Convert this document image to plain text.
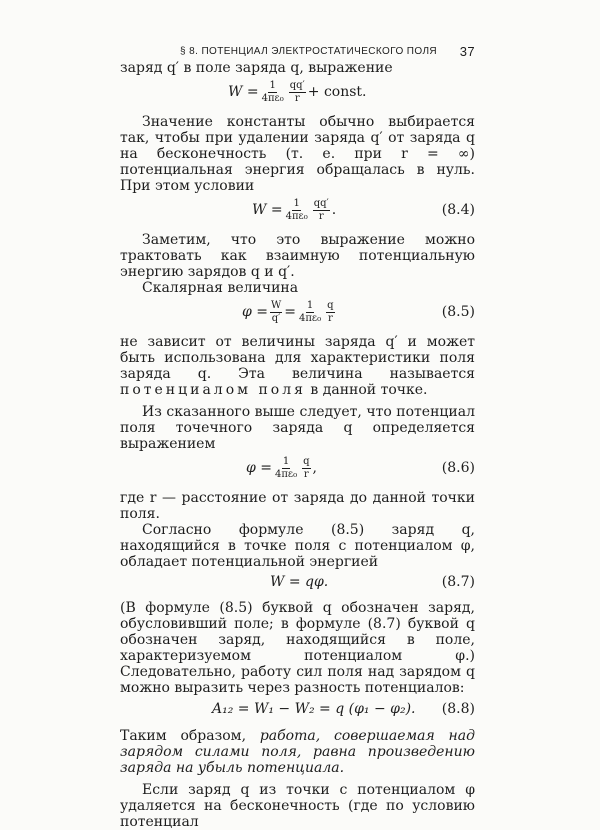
§ 8. ПОТЕНЦИАЛ ЭЛЕКТРОСТАТИЧЕСКОГО ПОЛЯ 37

заряд q′ в поле заряда q, выражение

$W = \frac{1}{\text{4πε₀}} \frac{qq'}{r}$ + const.

Значение константы обычно выбирается так, чтобы при удалении заряда q′ от заряда q на бесконечность (т. е. при r = ∞) потенциальная энергия обращалась в нуль. При этом условии

$W = \frac{1}{\text{4πε₀}} \frac{qq'}{r}$ .	(8.4)

Заметим, что это выражение можно трактовать как взаимную потенциальную энергию зарядов q и q′.

Скалярная величина

$\varphi = \frac{W}{q'} = \frac{1}{\text{4πε₀}} \frac{q}{r}$	(8.5)

не зависит от величины заряда q′ и может быть использована для характеристики поля заряда q. Эта величина называется потенциалом поля в данной точке.

Из сказанного выше следует, что потенциал поля точечного заряда q определяется выражением

$\varphi = \frac{1}{\text{4πε₀}} \frac{q}{r}$ ,	(8.6)

где r — расстояние от заряда до данной точки поля.

Согласно формуле (8.5) заряд q, находящийся в точке поля с потенциалом φ, обладает потенциальной энергией

W = qφ.	(8.7)

(В формуле (8.5) буквой q обозначен заряд, обусловивший поле; в формуле (8.7) буквой q обозначен заряд, находящийся в поле, характеризуемом потенциалом φ.) Следовательно, работу сил поля над зарядом q можно выразить через разность потенциалов:

A₁₂ = W₁ − W₂ = q (φ₁ − φ₂). (8.8)

Таким образом, работа, совершаемая над зарядом силами поля, равна произведению заряда на убыль потенциала.

Если заряд q из точки с потенциалом φ удаляется на бесконечность (где по условию потенциал
